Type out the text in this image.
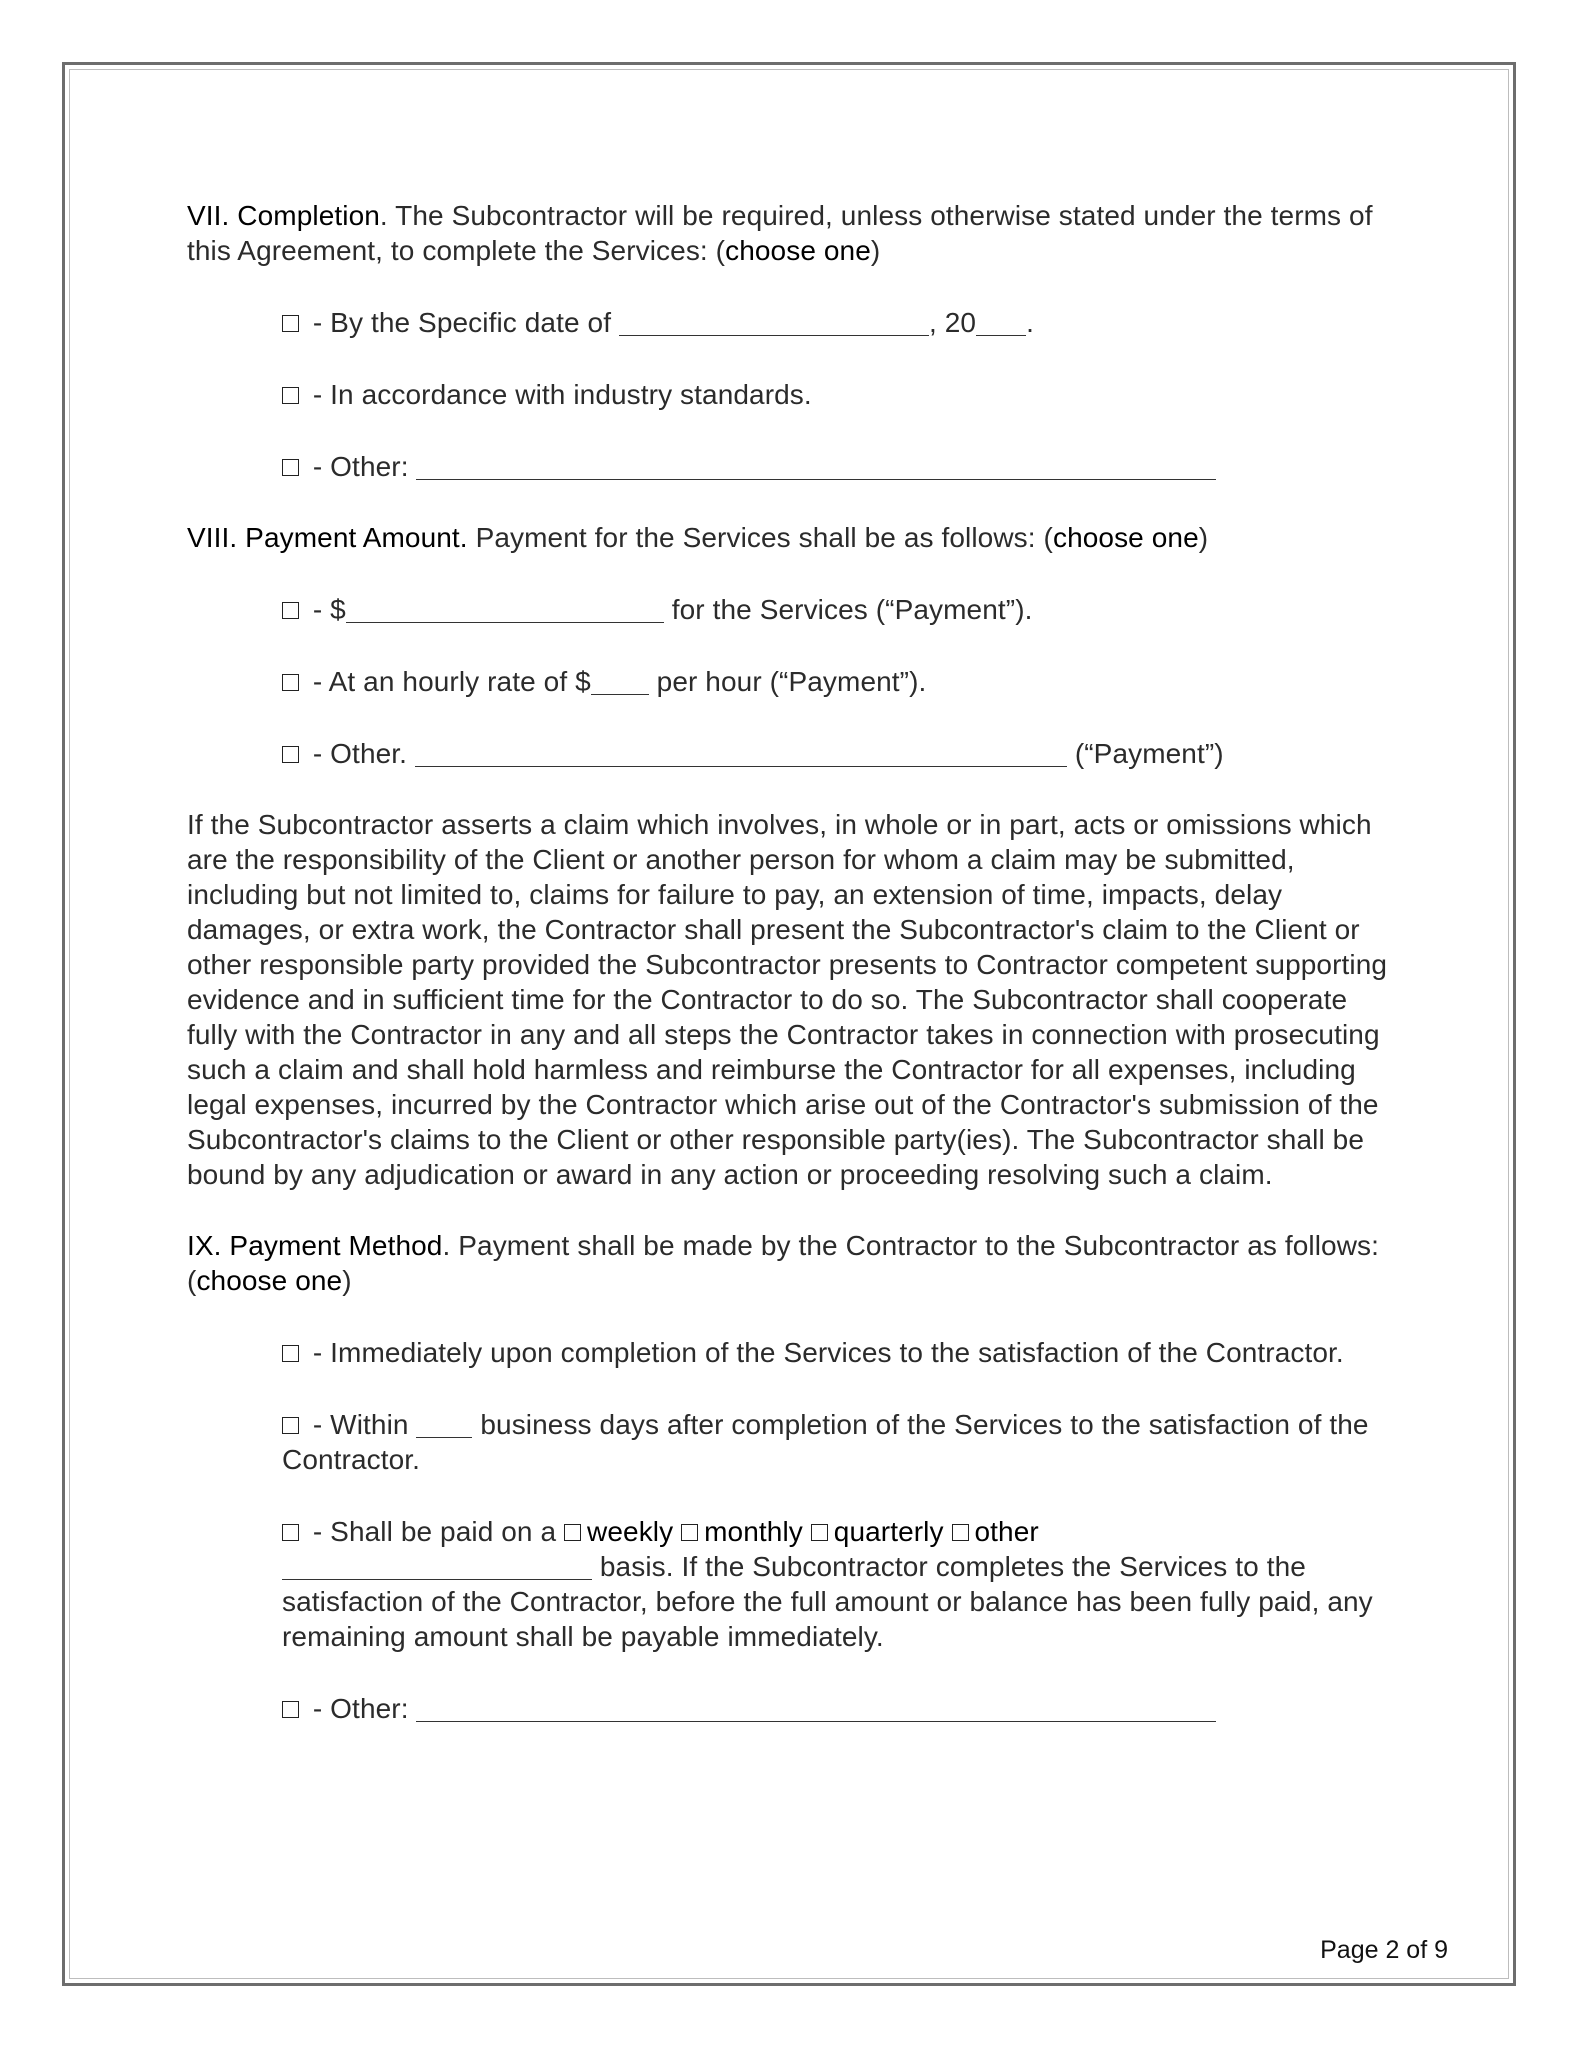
VII. Completion. The Subcontractor will be required, unless otherwise stated under the terms of this Agreement, to complete the Services: (choose one)

- By the Specific date of	, 20 .

- In accordance with industry standards.

- Other:

VIII. Payment Amount. Payment for the Services shall be as follows: (choose one)

- $	for the Services (“Payment”).

- At an hourly rate of $ per hour (“Payment”).

- Other.	(“Payment”)

If the Subcontractor asserts a claim which involves, in whole or in part, acts or omissions which are the responsibility of the Client or another person for whom a claim may be submitted, including but not limited to, claims for failure to pay, an extension of time, impacts, delay damages, or extra work, the Contractor shall present the Subcontractor's claim to the Client or other responsible party provided the Subcontractor presents to Contractor competent supporting evidence and in sufficient time for the Contractor to do so. The Subcontractor shall cooperate fully with the Contractor in any and all steps the Contractor takes in connection with prosecuting such a claim and shall hold harmless and reimburse the Contractor for all expenses, including legal expenses, incurred by the Contractor which arise out of the Contractor's submission of the Subcontractor's claims to the Client or other responsible party(ies). The Subcontractor shall be bound by any adjudication or award in any action or proceeding resolving such a claim.

IX. Payment Method. Payment shall be made by the Contractor to the Subcontractor as follows: (choose one)

- Immediately upon completion of the Services to the satisfaction of the Contractor.

- Within  business days after completion of the Services to the satisfaction of the Contractor.

- Shall be paid on a weekly monthly quarterly other
basis. If the Subcontractor completes the Services to the satisfaction of the Contractor, before the full amount or balance has been fully paid, any remaining amount shall be payable immediately.

- Other:

Page 2 of 9
